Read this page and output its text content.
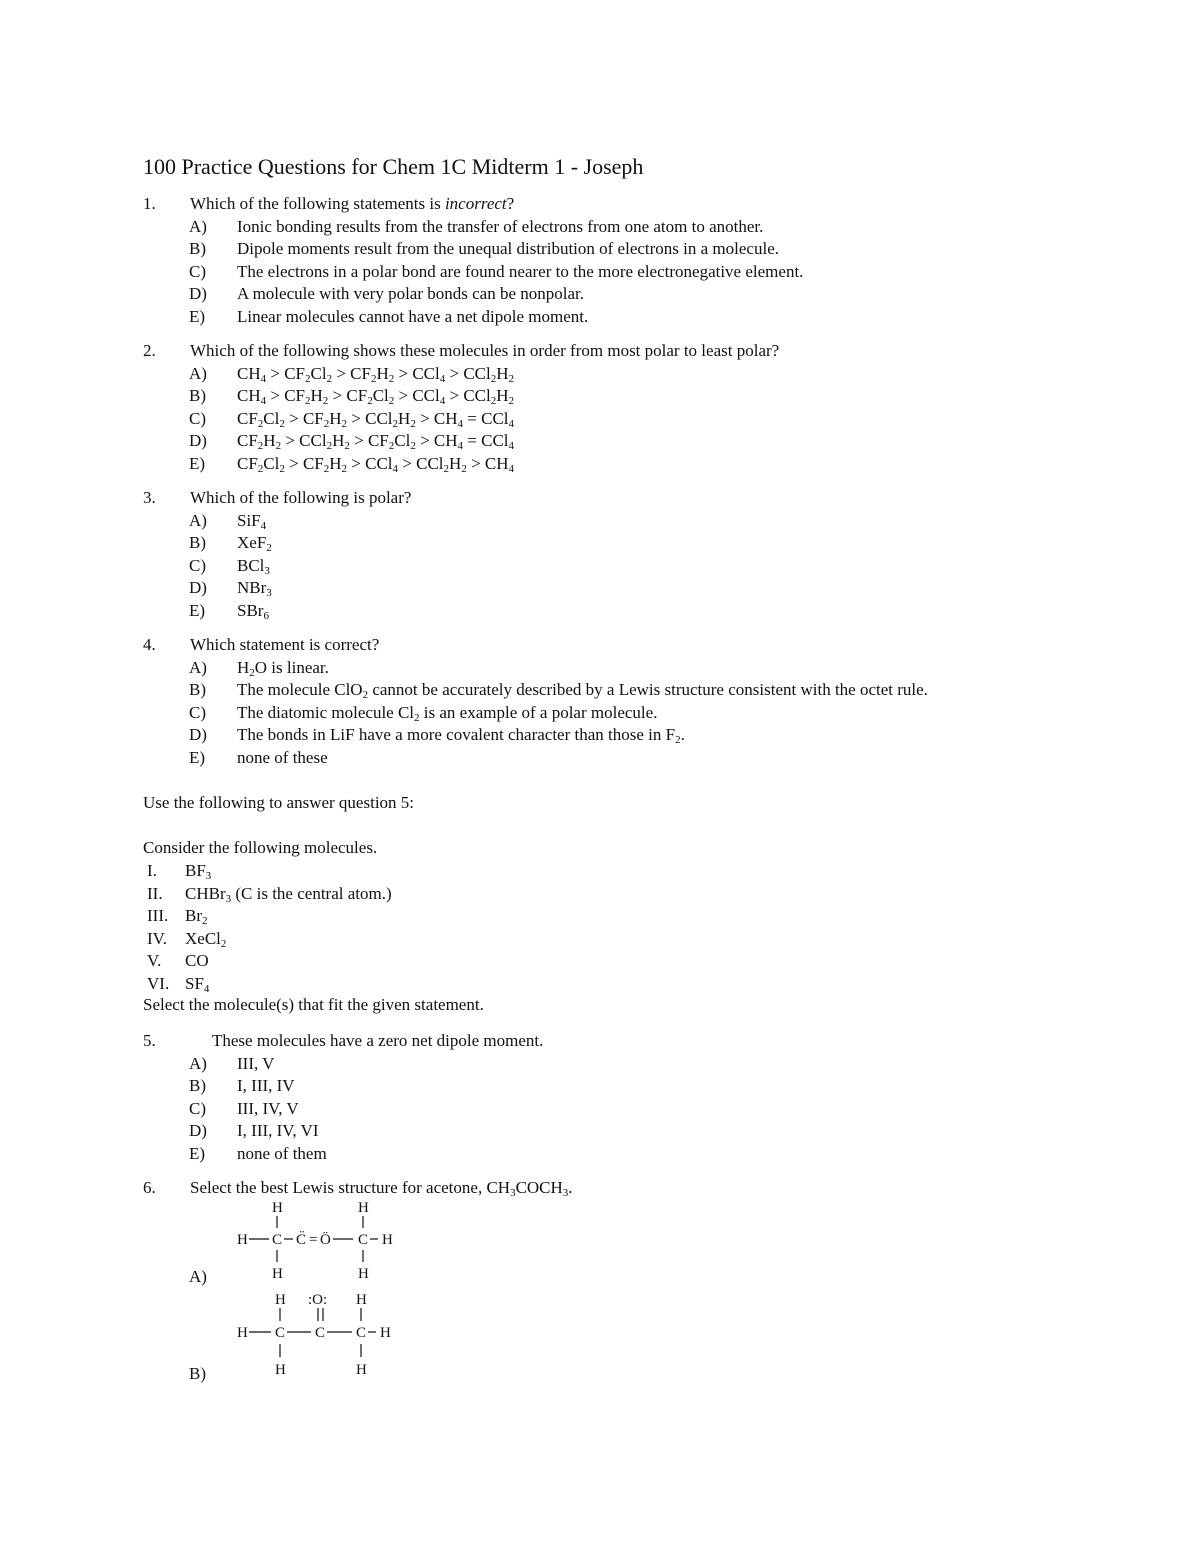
100 Practice Questions for Chem 1C Midterm 1 - Joseph
1. Which of the following statements is incorrect?
A) Ionic bonding results from the transfer of electrons from one atom to another.
B) Dipole moments result from the unequal distribution of electrons in a molecule.
C) The electrons in a polar bond are found nearer to the more electronegative element.
D) A molecule with very polar bonds can be nonpolar.
E) Linear molecules cannot have a net dipole moment.
2. Which of the following shows these molecules in order from most polar to least polar?
A) $CH_4 > CF_2Cl_2 > CF_2H_2 > CCl_4 > CCl_2H_2$
B) $CH_4 > CF_2H_2 > CF_2Cl_2 > CCl_4 > CCl_2H_2$
C) $CF_2Cl_2 > CF_2H_2 > CCl_2H_2 > CH_4 = CCl_4$
D) $CF_2H_2 > CCl_2H_2 > CF_2Cl_2 > CH_4 = CCl_4$
E) $CF_2Cl_2 > CF_2H_2 > CCl_4 > CCl_2H_2 > CH_4$
3. Which of the following is polar?
A) SiF$_4$
B) XeF$_2$
C) BCl$_3$
D) NBr$_3$
E) SBr$_6$
4. Which statement is correct?
A) $H_2O$ is linear.
B) The molecule ClO$_2$ cannot be accurately described by a Lewis structure consistent with the octet rule.
C) The diatomic molecule $Cl_2$ is an example of a polar molecule.
D) The bonds in LiF have a more covalent character than those in $F_2$.
E) none of these
Use the following to answer question 5:
Consider the following molecules.
I. $BF_3$
II. CHBr$_3$ (C is the central atom.)
III. $Br_2$
IV. XeCl$_2$
V. CO
VI. $SF_4$
Select the molecule(s) that fit the given statement.
5.	These molecules have a zero net dipole moment.
A) III, V
B) I, III, IV
C) III, IV, V
D) I, III, IV, VI
E) none of them
6. Select the best Lewis structure for acetone, $CH_3COCH_3$.
H	H
H C C̈ = Ö C H
H	H
A)
H :O: H
H C C C H
H	H
B)
